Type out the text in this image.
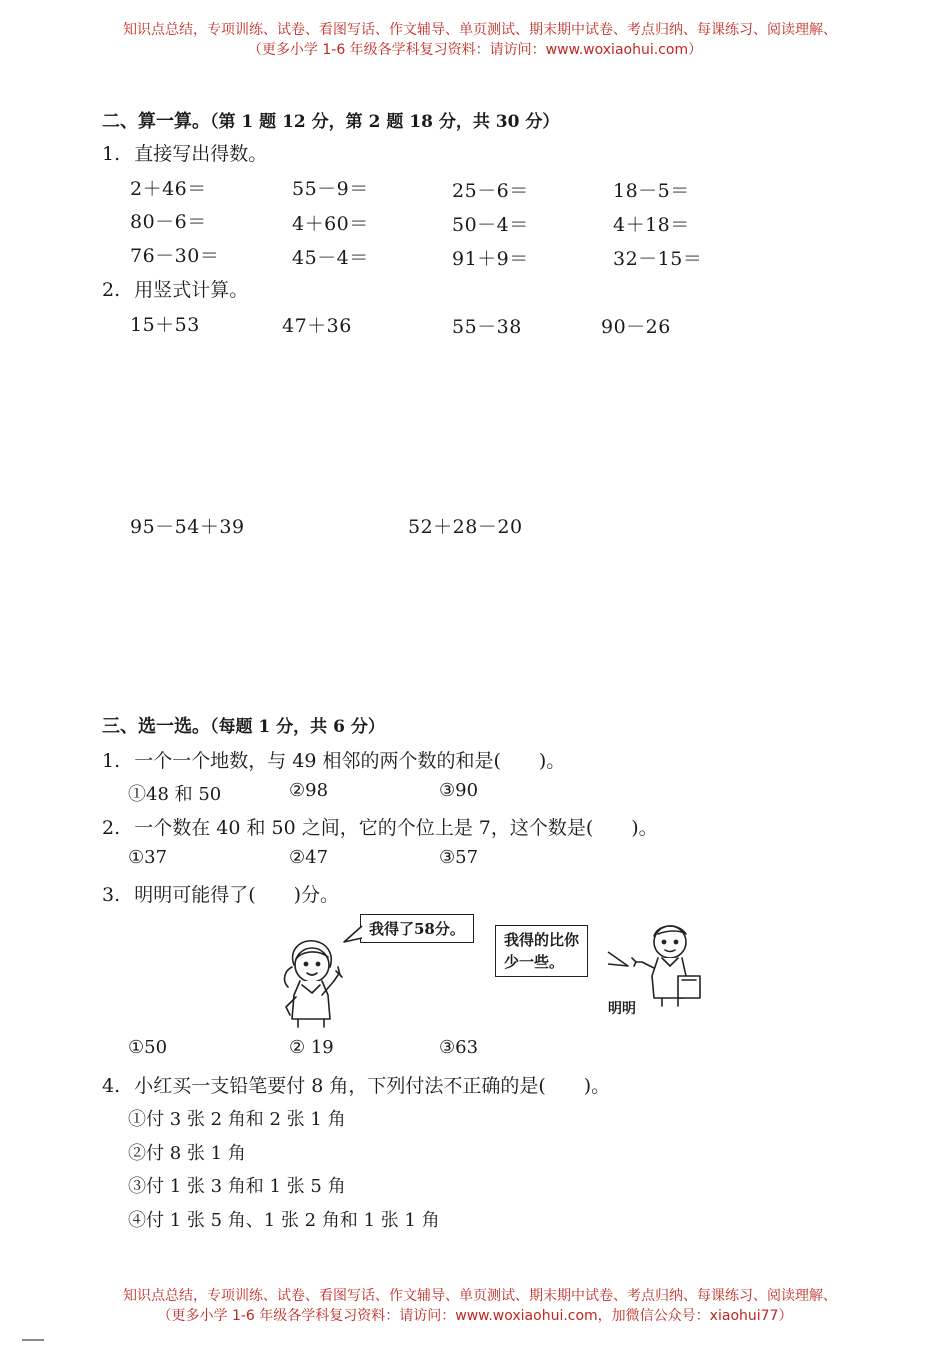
知识点总结，专项训练、试卷、看图写话、作文辅导、单页测试、期末期中试卷、考点归纳、每课练习、阅读理解、
（更多小学 1-6 年级各学科复习资料：请访问：www.woxiaohui.com）
二、算一算。（第 1 题 12 分，第 2 题 18 分，共 30 分）
1. 直接写出得数。
2＋46＝	55－9＝	25－6＝	18－5＝
80－6＝	4＋60＝	50－4＝	4＋18＝
76－30＝	45－4＝	91＋9＝	32－15＝
2. 用竖式计算。
15＋53	47＋36	55－38	90－26
95－54＋39	52＋28－20
三、选一选。（每题 1 分，共 6 分）
1. 一个一个地数，与 49 相邻的两个数的和是(　　)。
①48 和 50	②98	③90
2. 一个数在 40 和 50 之间，它的个位上是 7，这个数是(　　)。
①37	②47	③57
3. 明明可能得了(　　)分。
我得了58分。
我得的比你
少一些。
明明
①50	② 19	③63
4. 小红买一支铅笔要付 8 角，下列付法不正确的是(　　)。
①付 3 张 2 角和 2 张 1 角
②付 8 张 1 角
③付 1 张 3 角和 1 张 5 角
④付 1 张 5 角、1 张 2 角和 1 张 1 角
知识点总结，专项训练、试卷、看图写话、作文辅导、单页测试、期末期中试卷、考点归纳、每课练习、阅读理解、
（更多小学 1-6 年级各学科复习资料：请访问：www.woxiaohui.com，加微信公众号：xiaohui77）
